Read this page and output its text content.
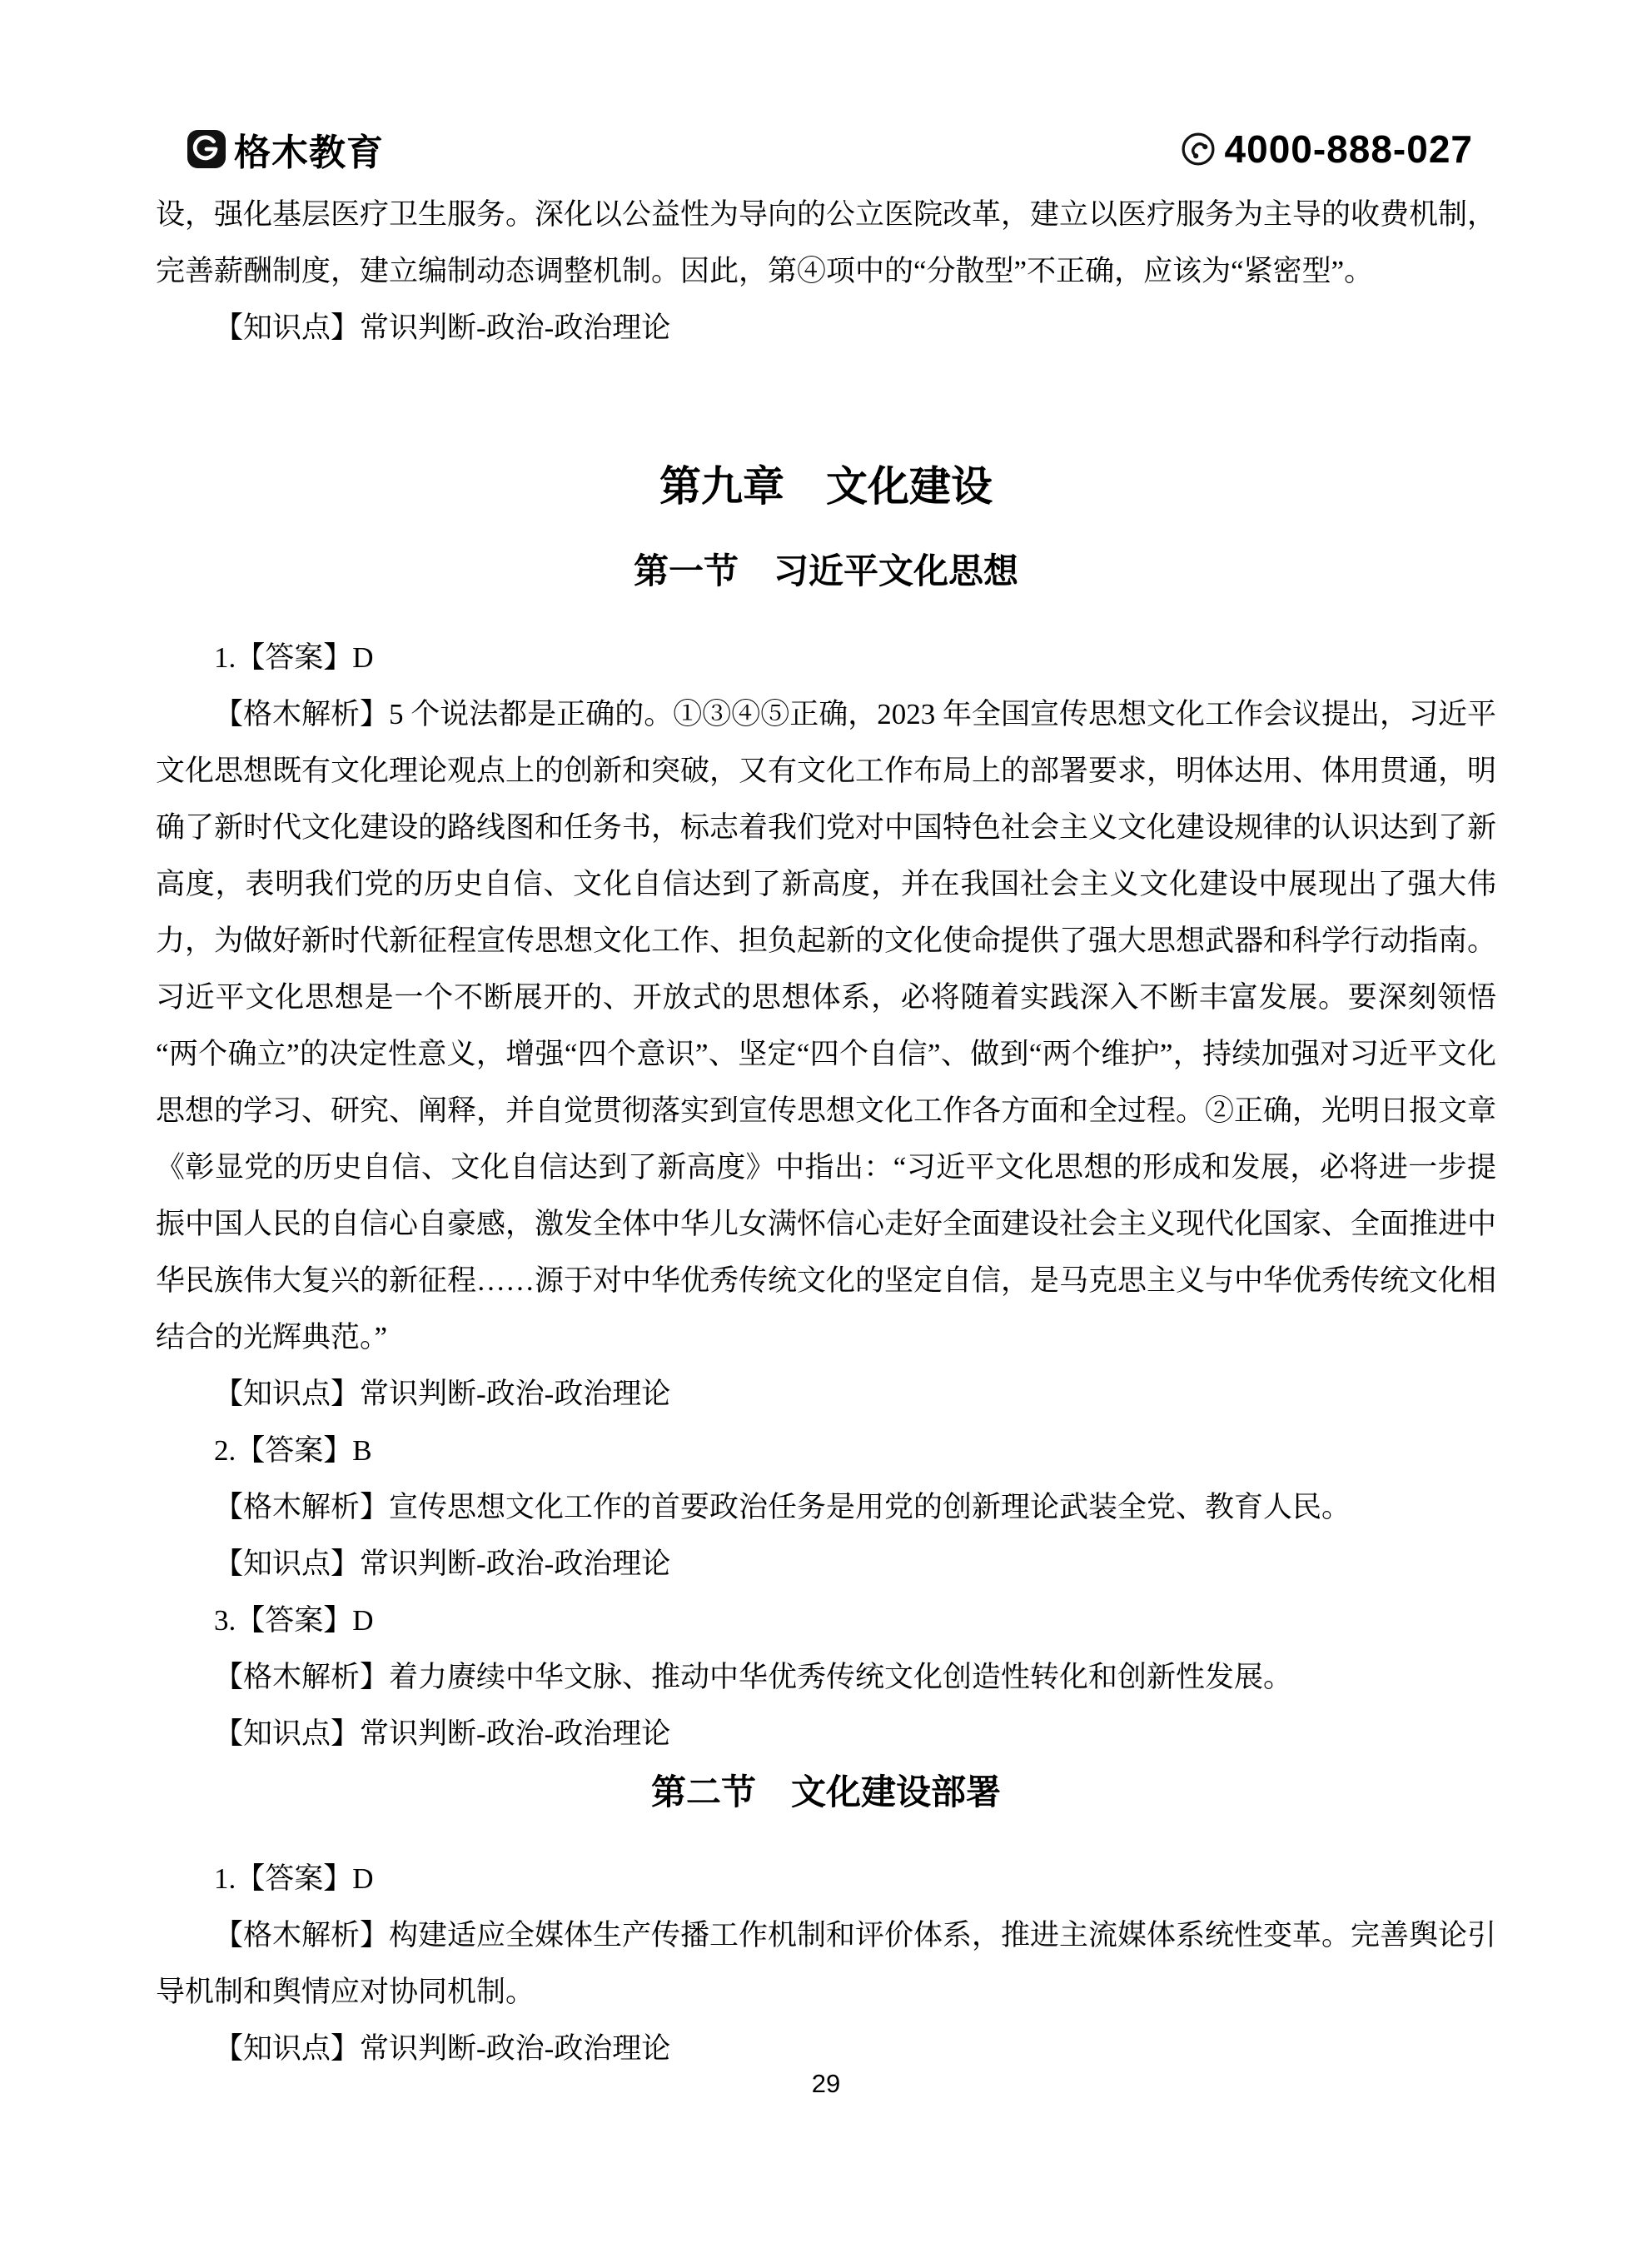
格木教育	4000-888-027

设，强化基层医疗卫生服务。深化以公益性为导向的公立医院改革，建立以医疗服务为主导的收费机制，完善薪酬制度，建立编制动态调整机制。因此，第④项中的“分散型”不正确，应该为“紧密型”。

【知识点】常识判断-政治-政治理论

第九章　文化建设
第一节　习近平文化思想

1.【答案】D

【格木解析】5 个说法都是正确的。①③④⑤正确，2023 年全国宣传思想文化工作会议提出，习近平文化思想既有文化理论观点上的创新和突破，又有文化工作布局上的部署要求，明体达用、体用贯通，明确了新时代文化建设的路线图和任务书，标志着我们党对中国特色社会主义文化建设规律的认识达到了新高度，表明我们党的历史自信、文化自信达到了新高度，并在我国社会主义文化建设中展现出了强大伟力，为做好新时代新征程宣传思想文化工作、担负起新的文化使命提供了强大思想武器和科学行动指南。习近平文化思想是一个不断展开的、开放式的思想体系，必将随着实践深入不断丰富发展。要深刻领悟“两个确立”的决定性意义，增强“四个意识”、坚定“四个自信”、做到“两个维护”，持续加强对习近平文化思想的学习、研究、阐释，并自觉贯彻落实到宣传思想文化工作各方面和全过程。②正确，光明日报文章《彰显党的历史自信、文化自信达到了新高度》中指出：“习近平文化思想的形成和发展，必将进一步提振中国人民的自信心自豪感，激发全体中华儿女满怀信心走好全面建设社会主义现代化国家、全面推进中华民族伟大复兴的新征程……源于对中华优秀传统文化的坚定自信，是马克思主义与中华优秀传统文化相结合的光辉典范。”

【知识点】常识判断-政治-政治理论

2.【答案】B

【格木解析】宣传思想文化工作的首要政治任务是用党的创新理论武装全党、教育人民。

【知识点】常识判断-政治-政治理论

3.【答案】D

【格木解析】着力赓续中华文脉、推动中华优秀传统文化创造性转化和创新性发展。

【知识点】常识判断-政治-政治理论

第二节　文化建设部署

1.【答案】D

【格木解析】构建适应全媒体生产传播工作机制和评价体系，推进主流媒体系统性变革。完善舆论引导机制和舆情应对协同机制。

【知识点】常识判断-政治-政治理论

29
